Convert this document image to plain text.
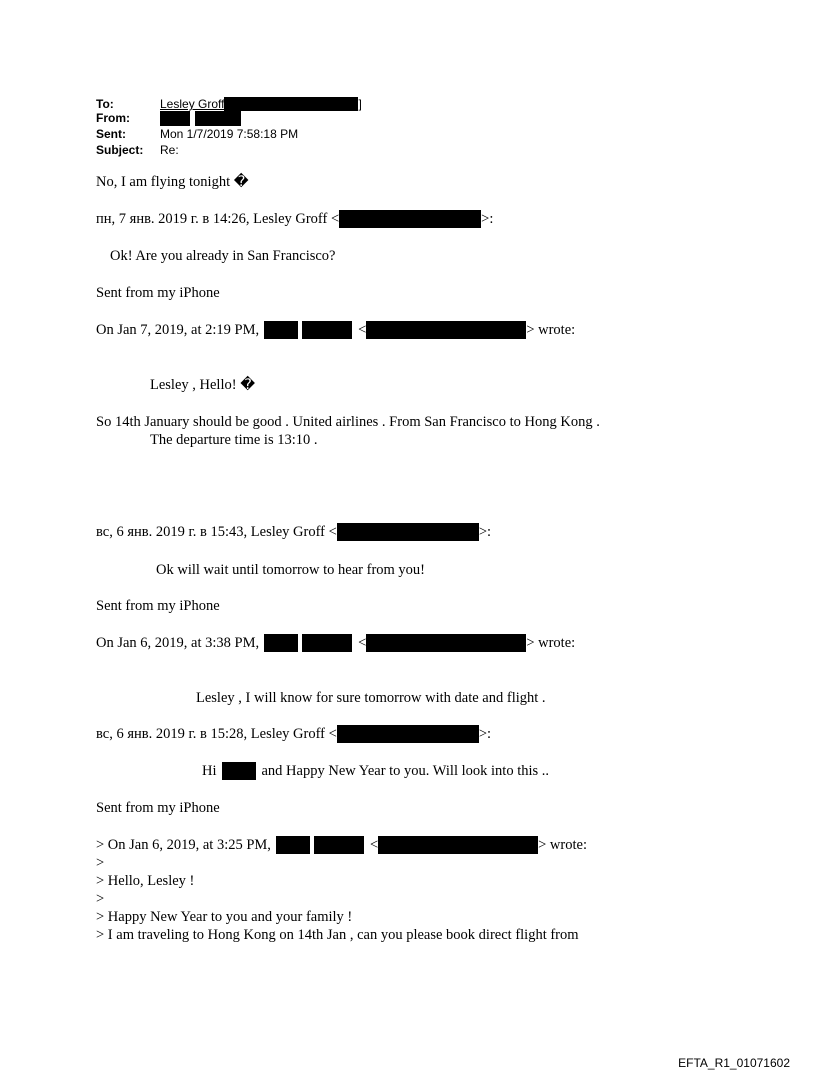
To:	Lesley Groff	]
From:
Sent:	Mon 1/7/2019 7:58:18 PM
Subject: Re:
No, I am flying tonight �
пн, 7 янв. 2019 г. в 14:26, Lesley Groff <	>:
Ok! Are you already in San Francisco?
Sent from my iPhone
On Jan 7, 2019, at 2:19 PM,	<	> wrote:
Lesley , Hello! �
So 14th January should be good . United airlines . From San Francisco to Hong Kong .
The departure time is 13:10 .
вс, 6 янв. 2019 г. в 15:43, Lesley Groff <	>:
Ok will wait until tomorrow to hear from you!
Sent from my iPhone
On Jan 6, 2019, at 3:38 PM,	<	> wrote:
Lesley , I will know for sure tomorrow with date and flight .
вс, 6 янв. 2019 г. в 15:28, Lesley Groff <	>:
Hi	and Happy New Year to you. Will look into this ..
Sent from my iPhone
> On Jan 6, 2019, at 3:25 PM,	<	> wrote:
>
> Hello, Lesley !
>
> Happy New Year to you and your family !
> I am traveling to Hong Kong on 14th Jan , can you please book direct flight from
EFTA_R1_01071602
